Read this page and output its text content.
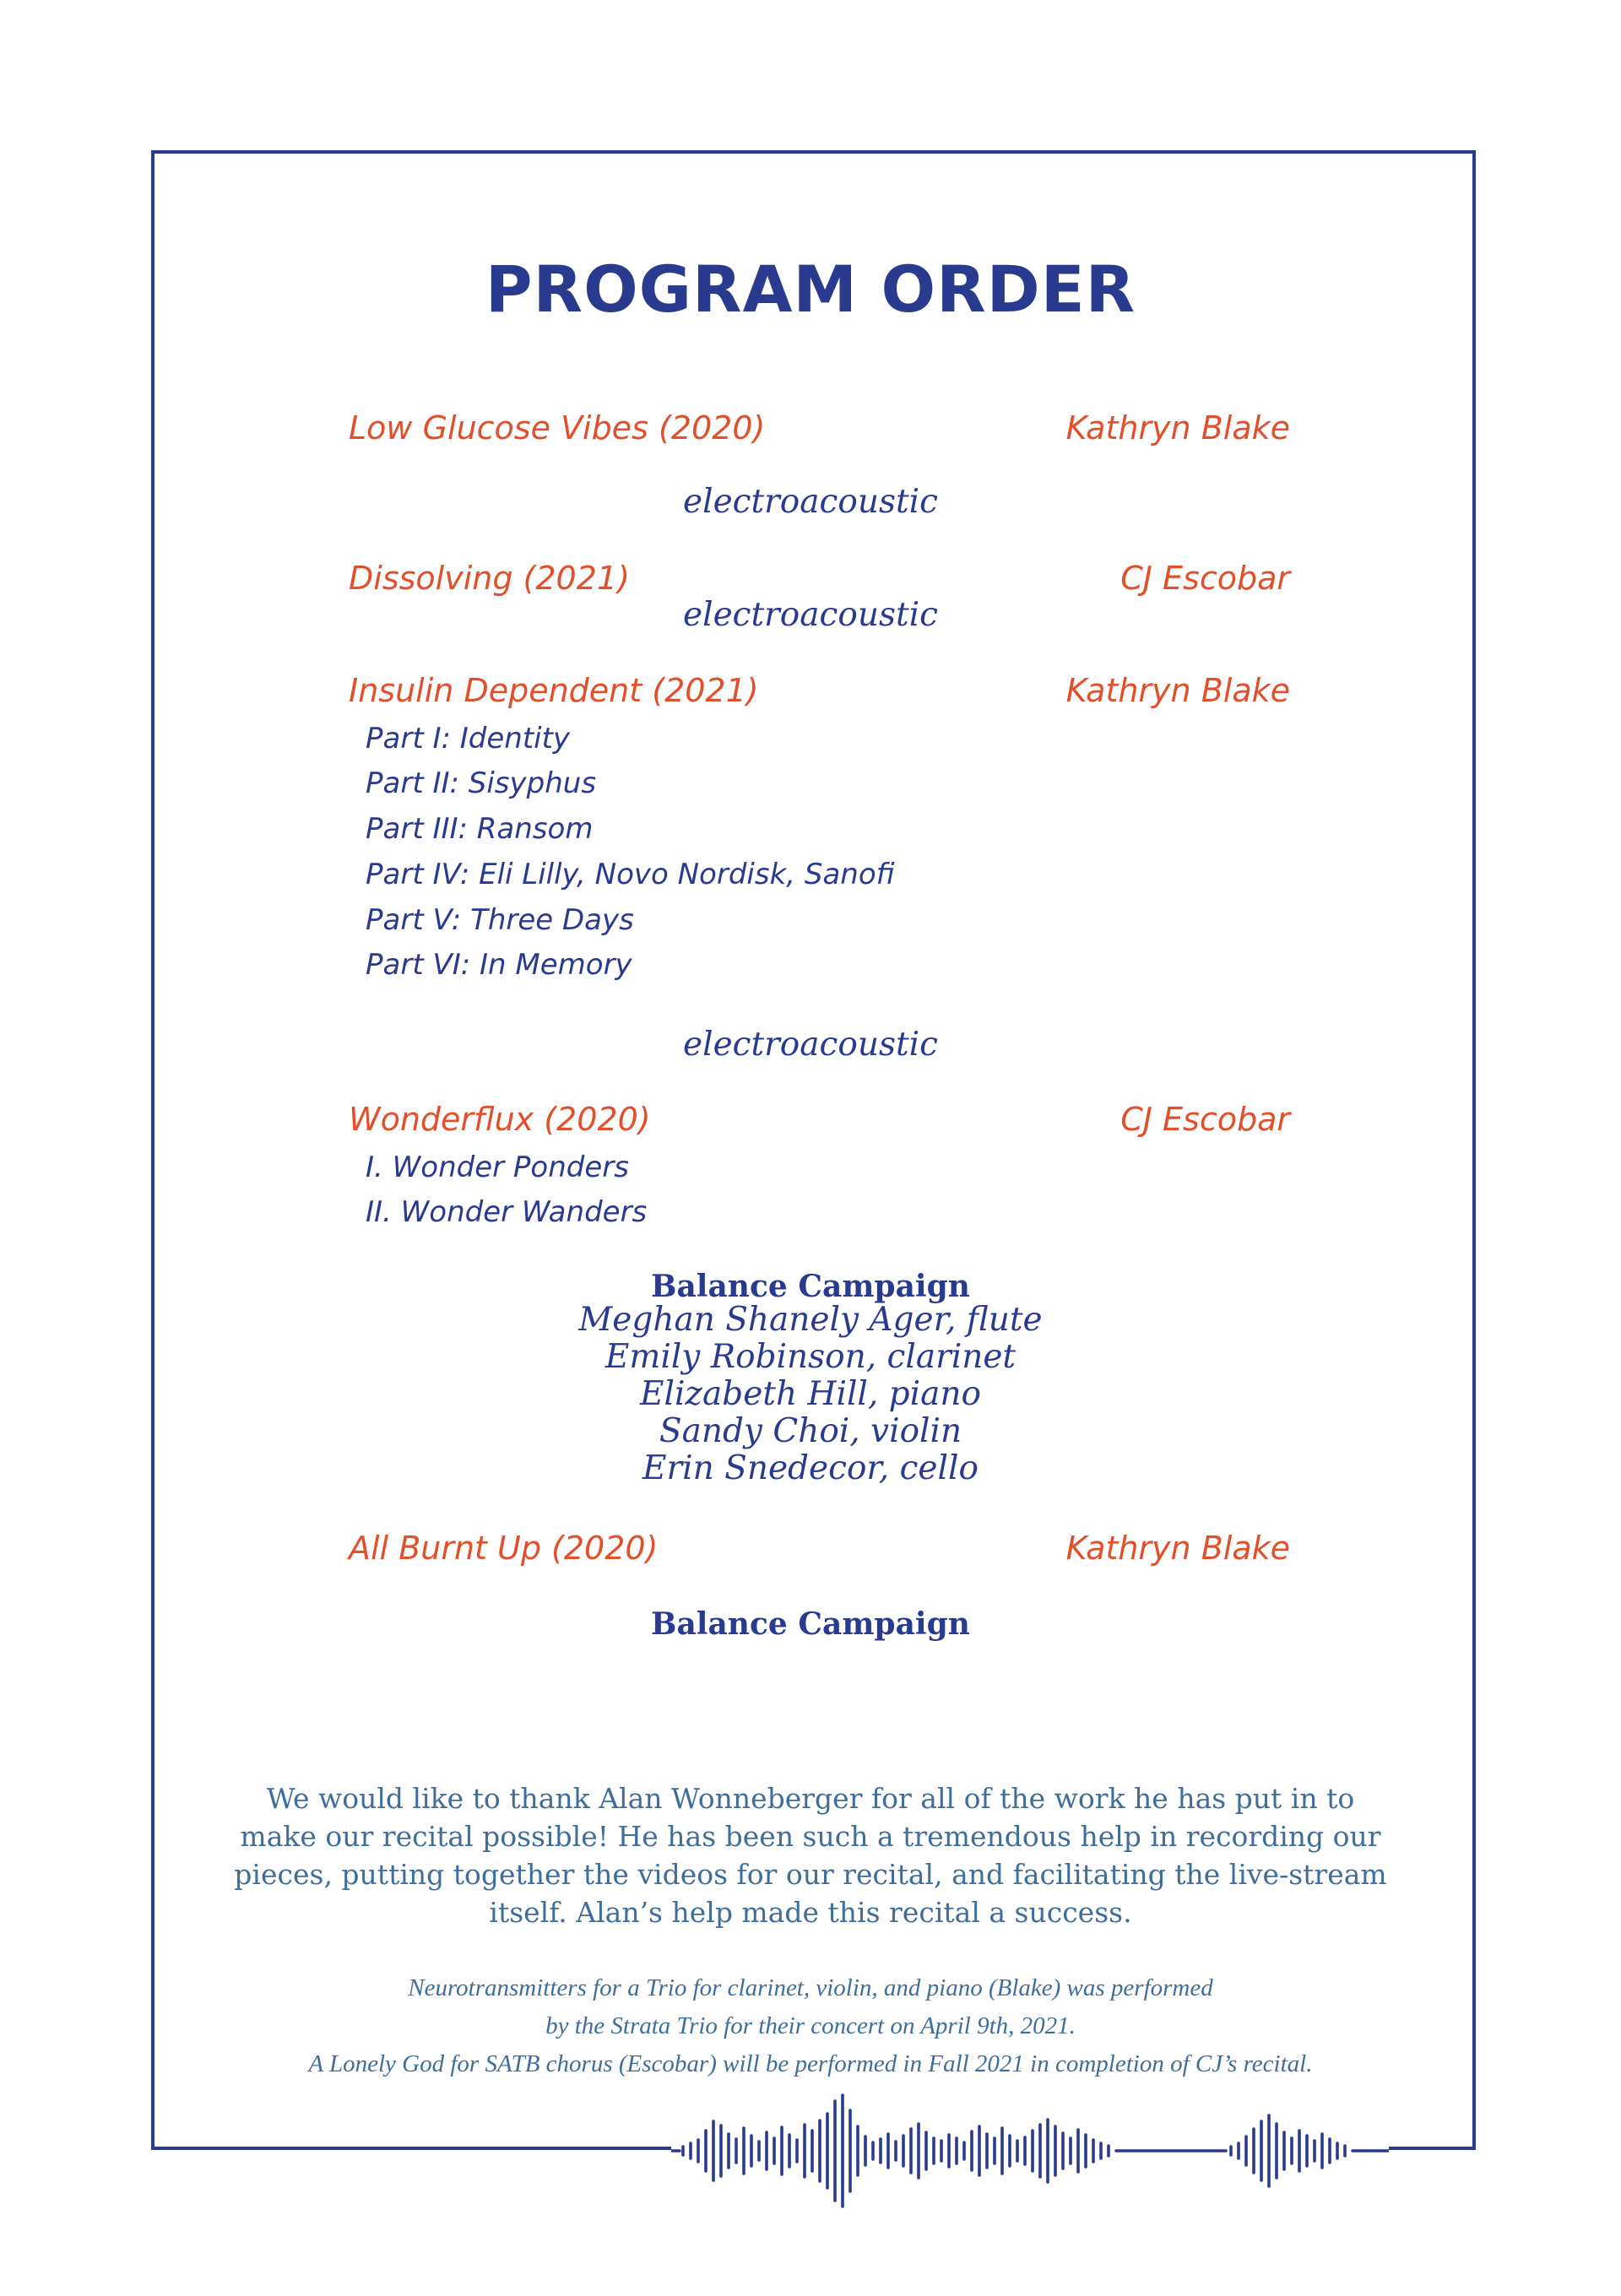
PROGRAM ORDER
Low Glucose Vibes (2020)	Kathryn Blake
electroacoustic
Dissolving (2021)	CJ Escobar
electroacoustic
Insulin Dependent (2021)	Kathryn Blake
Part I: Identity
Part II: Sisyphus
Part III: Ransom
Part IV: Eli Lilly, Novo Nordisk, Sanofi
Part V: Three Days
Part VI: In Memory
electroacoustic
Wonderflux (2020)	CJ Escobar
I. Wonder Ponders
II. Wonder Wanders
Balance Campaign
Meghan Shanely Ager, flute
Emily Robinson, clarinet
Elizabeth Hill, piano
Sandy Choi, violin
Erin Snedecor, cello
All Burnt Up (2020)	Kathryn Blake
Balance Campaign
We would like to thank Alan Wonneberger for all of the work he has put in to make our recital possible! He has been such a tremendous help in recording our pieces, putting together the videos for our recital, and facilitating the live-stream itself. Alan’s help made this recital a success.
Neurotransmitters for a Trio for clarinet, violin, and piano (Blake) was performed
by the Strata Trio for their concert on April 9th, 2021.
A Lonely God for SATB chorus (Escobar) will be performed in Fall 2021 in completion of CJ’s recital.
